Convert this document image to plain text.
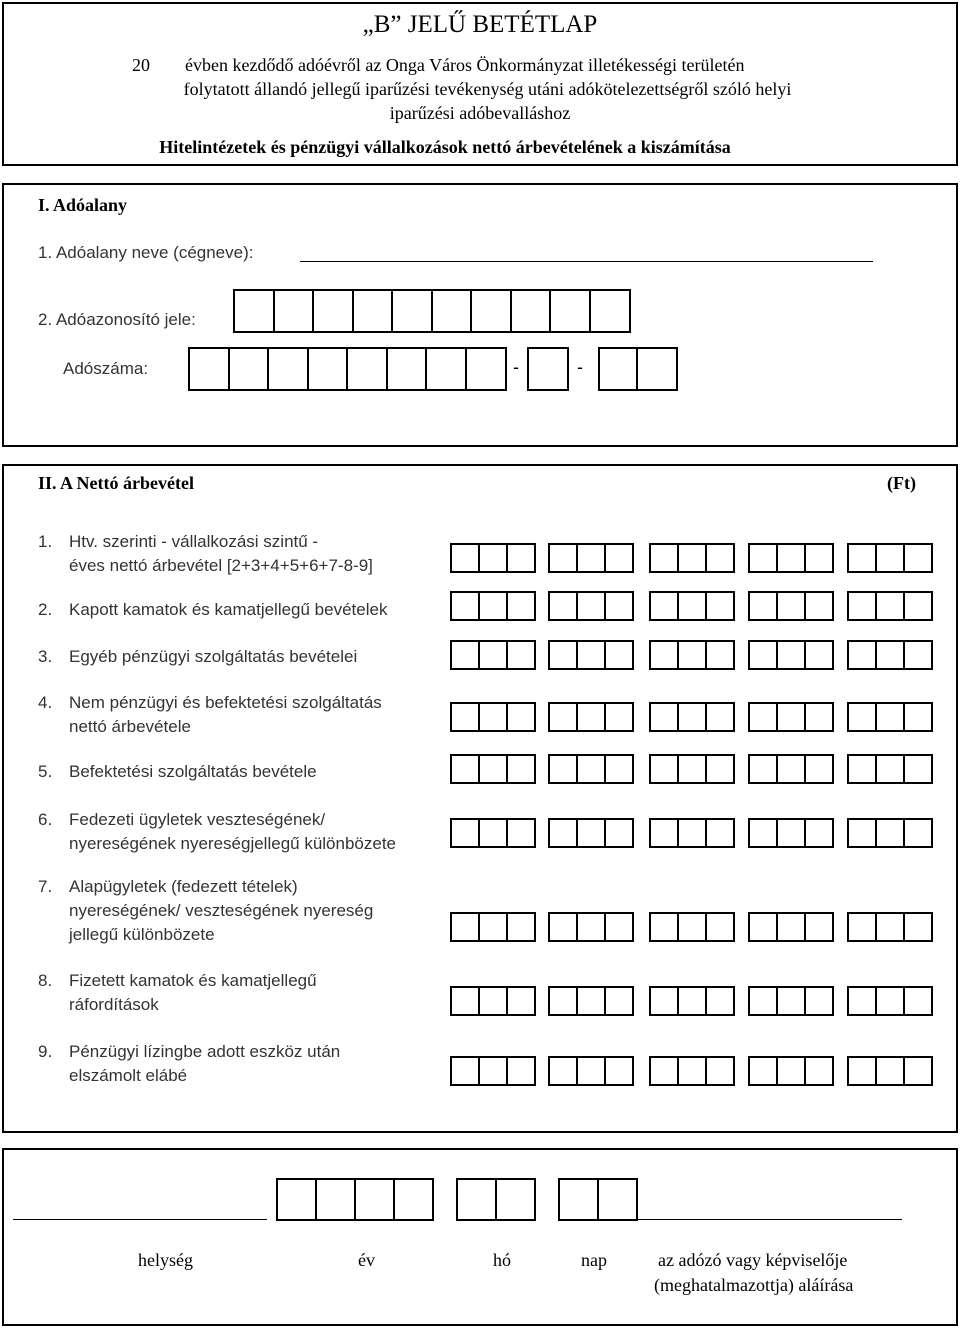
„B” JELŰ BETÉTLAP
20 évben kezdődő adóévről az Onga Város Önkormányzat illetékességi területén
folytatott állandó jellegű iparűzési tevékenység utáni adókötelezettségről szóló helyi
iparűzési adóbevalláshoz
Hitelintézetek és pénzügyi vállalkozások nettó árbevételének a kiszámítása
I. Adóalany
1. Adóalany neve (cégneve):
2. Adóazonosító jele:
Adószáma:	-	-
II. A Nettó árbevétel	(Ft)
1. Htv. szerinti - vállalkozási szintű -
éves nettó árbevétel [2+3+4+5+6+7-8-9]
2. Kapott kamatok és kamatjellegű bevételek
3. Egyéb pénzügyi szolgáltatás bevételei
4. Nem pénzügyi és befektetési szolgáltatás
nettó árbevétele
5. Befektetési szolgáltatás bevétele
6. Fedezeti ügyletek veszteségének/
nyereségének nyereségjellegű különbözete
7. Alapügyletek (fedezett tételek)
nyereségének/ veszteségének nyereség
jellegű különbözete
8. Fizetett kamatok és kamatjellegű
ráfordítások
9. Pénzügyi lízingbe adott eszköz után
elszámolt elábé
helység	év	hó	nap	az adózó vagy képviselője
(meghatalmazottja) aláírása
